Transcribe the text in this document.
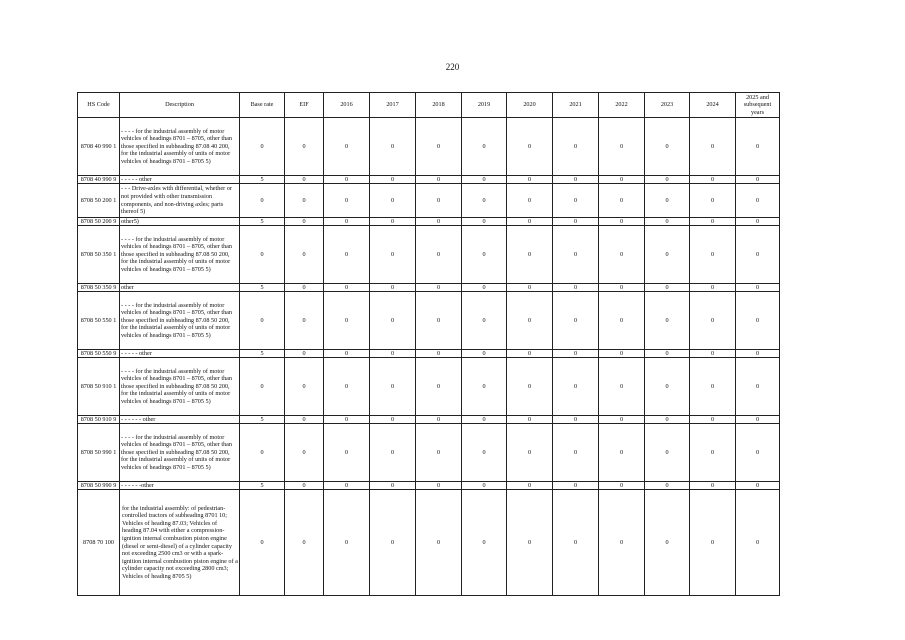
220
HS Code	Description	Base rate	EIF	2016	2017	2018	2019	2020	2021	2022	2023	2024	2025 and subsequent years
8708 40 990 1	- - - - for the industrial assembly of motor vehicles of headings 8701 – 8705, other than those specified in subheading 87.08 40 200, for the industrial assembly of units of motor vehicles of headings 8701 – 8705 5)	0	0	0	0	0	0	0	0	0	0	0	0
8708 40 990 9	- - - - - other	5	0	0	0	0	0	0	0	0	0	0	0
8708 50 200 1	- - - Drive-axles with differential, whether or not provided with other transmission components, and non-driving axles; parts thereof 5)	0	0	0	0	0	0	0	0	0	0	0	0
8708 50 200 9	other5)	5	0	0	0	0	0	0	0	0	0	0	0
8708 50 350 1	- - - - for the industrial assembly of motor vehicles of headings 8701 – 8705, other than those specified in subheading 87.08 50 200, for the industrial assembly of units of motor vehicles of headings 8701 – 8705 5)	0	0	0	0	0	0	0	0	0	0	0	0
8708 50 350 9	other	5	0	0	0	0	0	0	0	0	0	0	0
8708 50 550 1	- - - - for the industrial assembly of motor vehicles of headings 8701 – 8705, other than those specified in subheading 87.08 50 200, for the industrial assembly of units of motor vehicles of headings 8701 – 8705 5)	0	0	0	0	0	0	0	0	0	0	0	0
8708 50 550 9	- - - - - other	5	0	0	0	0	0	0	0	0	0	0	0
8708 50 910 1	- - - - for the industrial assembly of motor vehicles of headings 8701 – 8705, other than those specified in subheading 87.08 50 200, for the industrial assembly of units of motor vehicles of headings 8701 – 8705 5)	0	0	0	0	0	0	0	0	0	0	0	0
8708 50 910 9	- - - - - - other	5	0	0	0	0	0	0	0	0	0	0	0
8708 50 990 1	- - - - for the industrial assembly of motor vehicles of headings 8701 – 8705, other than those specified in subheading 87.08 50 200, for the industrial assembly of units of motor vehicles of headings 8701 – 8705 5)	0	0	0	0	0	0	0	0	0	0	0	0
8708 50 990 9	- - - - - -other	5	0	0	0	0	0	0	0	0	0	0	0
8708 70 100	for the industrial assembly: of pedestrian-controlled tractors of subheading 8701 10; Vehicles of heading 87.03; Vehicles of heading 87.04 with either a compression-ignition internal combustion piston engine (diesel or semi-diesel) of a cylinder capacity not exceeding 2500 cm3 or with a spark-ignition internal combustion piston engine of a cylinder capacity not exceeding 2800 cm3; Vehicles of heading 8705 5)	0	0	0	0	0	0	0	0	0	0	0	0
